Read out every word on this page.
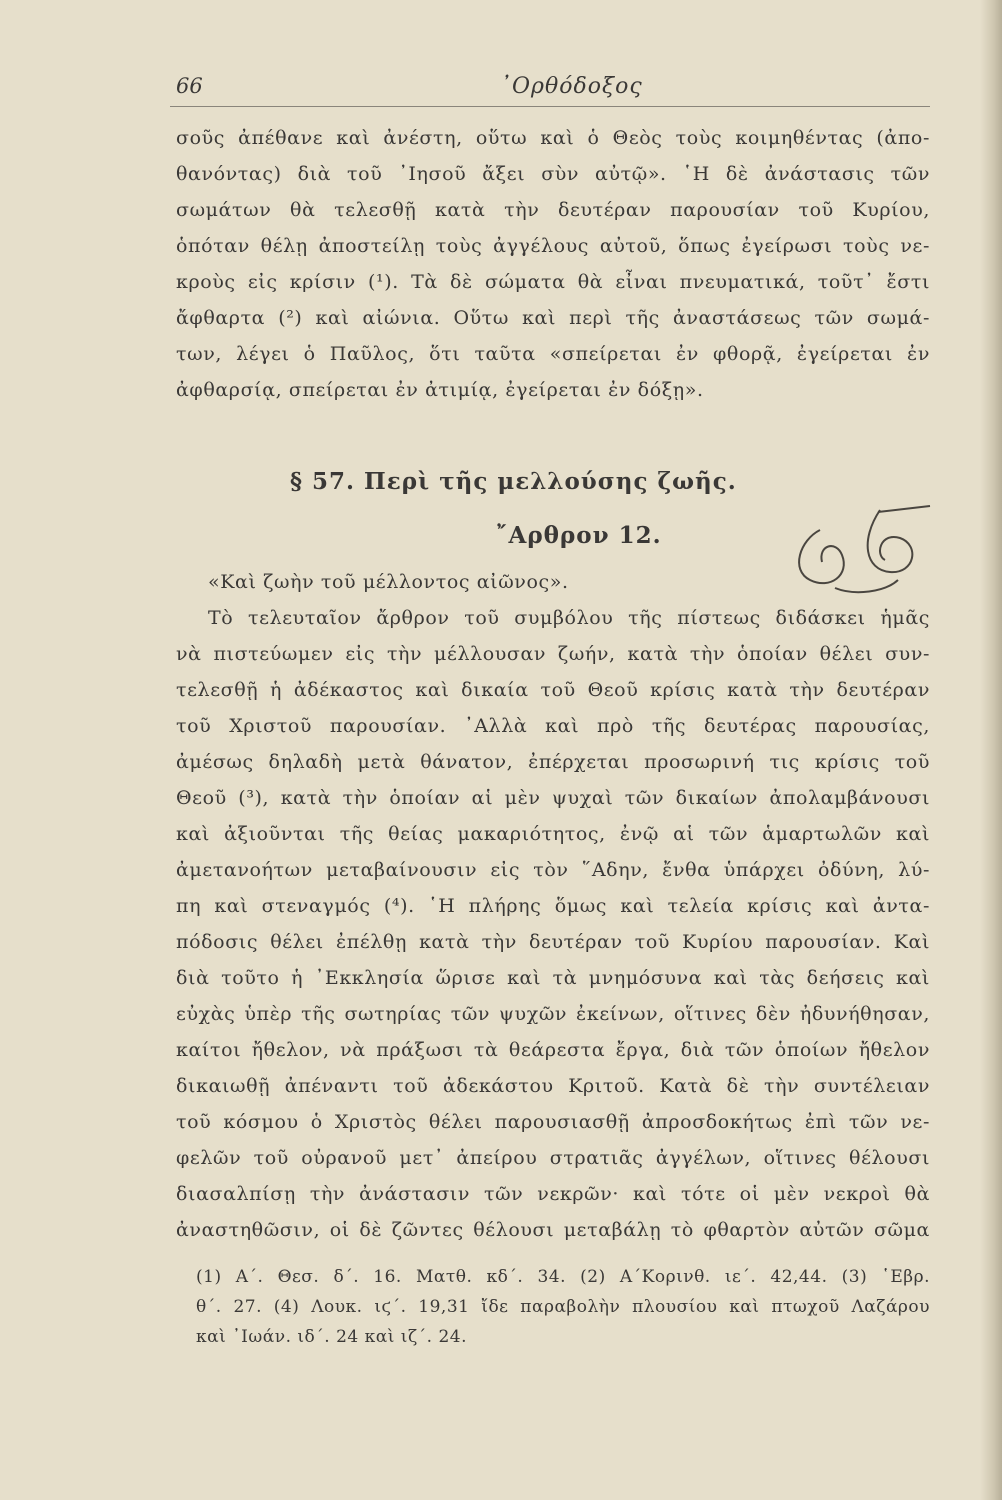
66	᾿Ορθόδοξος
σοῦς ἀπέθανε καὶ ἀνέστη, οὕτω καὶ ὁ Θεὸς τοὺς κοιμηθέντας (ἀπο-
θανόντας) διὰ τοῦ ᾿Ιησοῦ ἄξει σὺν αὐτῷ». ῾Η δὲ ἀνάστασις τῶν
σωμάτων θὰ τελεσθῇ κατὰ τὴν δευτέραν παρουσίαν τοῦ Κυρίου,
ὁπόταν θέλῃ ἀποστείλῃ τοὺς ἀγγέλους αὐτοῦ, ὅπως ἐγείρωσι τοὺς νε-
κροὺς εἰς κρίσιν (¹). Τὰ δὲ σώματα θὰ εἶναι πνευματικά, τοῦτ᾿ ἔστι
ἄφθαρτα (²) καὶ αἰώνια. Οὕτω καὶ περὶ τῆς ἀναστάσεως τῶν σωμά-
των, λέγει ὁ Παῦλος, ὅτι ταῦτα «σπείρεται ἐν φθορᾷ, ἐγείρεται ἐν
ἀφθαρσίᾳ, σπείρεται ἐν ἀτιμίᾳ, ἐγείρεται ἐν δόξῃ».
§ 57. Περὶ τῆς μελλούσης ζωῆς.
῎Αρθρον 12.
«Καὶ ζωὴν τοῦ μέλλοντος αἰῶνος».
Τὸ τελευταῖον ἄρθρον τοῦ συμβόλου τῆς πίστεως διδάσκει ἡμᾶς
νὰ πιστεύωμεν εἰς τὴν μέλλουσαν ζωήν, κατὰ τὴν ὁποίαν θέλει συν-
τελεσθῇ ἡ ἀδέκαστος καὶ δικαία τοῦ Θεοῦ κρίσις κατὰ τὴν δευτέραν
τοῦ Χριστοῦ παρουσίαν. ᾿Αλλὰ καὶ πρὸ τῆς δευτέρας παρουσίας,
ἀμέσως δηλαδὴ μετὰ θάνατον, ἐπέρχεται προσωρινή τις κρίσις τοῦ
Θεοῦ (³), κατὰ τὴν ὁποίαν αἱ μὲν ψυχαὶ τῶν δικαίων ἀπολαμβάνουσι
καὶ ἀξιοῦνται τῆς θείας μακαριότητος, ἐνῷ αἱ τῶν ἁμαρτωλῶν καὶ
ἀμετανοήτων μεταβαίνουσιν εἰς τὸν ῞Αδην, ἔνθα ὑπάρχει ὀδύνη, λύ-
πη καὶ στεναγμός (⁴). ῾Η πλήρης ὅμως καὶ τελεία κρίσις καὶ ἀντα-
πόδοσις θέλει ἐπέλθῃ κατὰ τὴν δευτέραν τοῦ Κυρίου παρουσίαν. Καὶ
διὰ τοῦτο ἡ ᾿Εκκλησία ὥρισε καὶ τὰ μνημόσυνα καὶ τὰς δεήσεις καὶ
εὐχὰς ὑπὲρ τῆς σωτηρίας τῶν ψυχῶν ἐκείνων, οἵτινες δὲν ἠδυνήθησαν,
καίτοι ἤθελον, νὰ πράξωσι τὰ θεάρεστα ἔργα, διὰ τῶν ὁποίων ἤθελον
δικαιωθῇ ἀπέναντι τοῦ ἀδεκάστου Κριτοῦ. Κατὰ δὲ τὴν συντέλειαν
τοῦ κόσμου ὁ Χριστὸς θέλει παρουσιασθῇ ἀπροσδοκήτως ἐπὶ τῶν νε-
φελῶν τοῦ οὐρανοῦ μετ᾿ ἀπείρου στρατιᾶς ἀγγέλων, οἵτινες θέλουσι
διασαλπίσῃ τὴν ἀνάστασιν τῶν νεκρῶν· καὶ τότε οἱ μὲν νεκροὶ θὰ
ἀναστηθῶσιν, οἱ δὲ ζῶντες θέλουσι μεταβάλῃ τὸ φθαρτὸν αὐτῶν σῶμα
(1) Α΄. Θεσ. δ΄. 16. Ματθ. κδ΄. 34. (2) Α΄Κορινθ. ιε΄. 42,44. (3) ῾Εβρ.
θ΄. 27. (4) Λουκ. ιϛ΄. 19,31 ἴδε παραβολὴν πλουσίου καὶ πτωχοῦ Λαζάρου
καὶ ᾿Ιωάν. ιδ΄. 24 καὶ ιζ΄. 24.
